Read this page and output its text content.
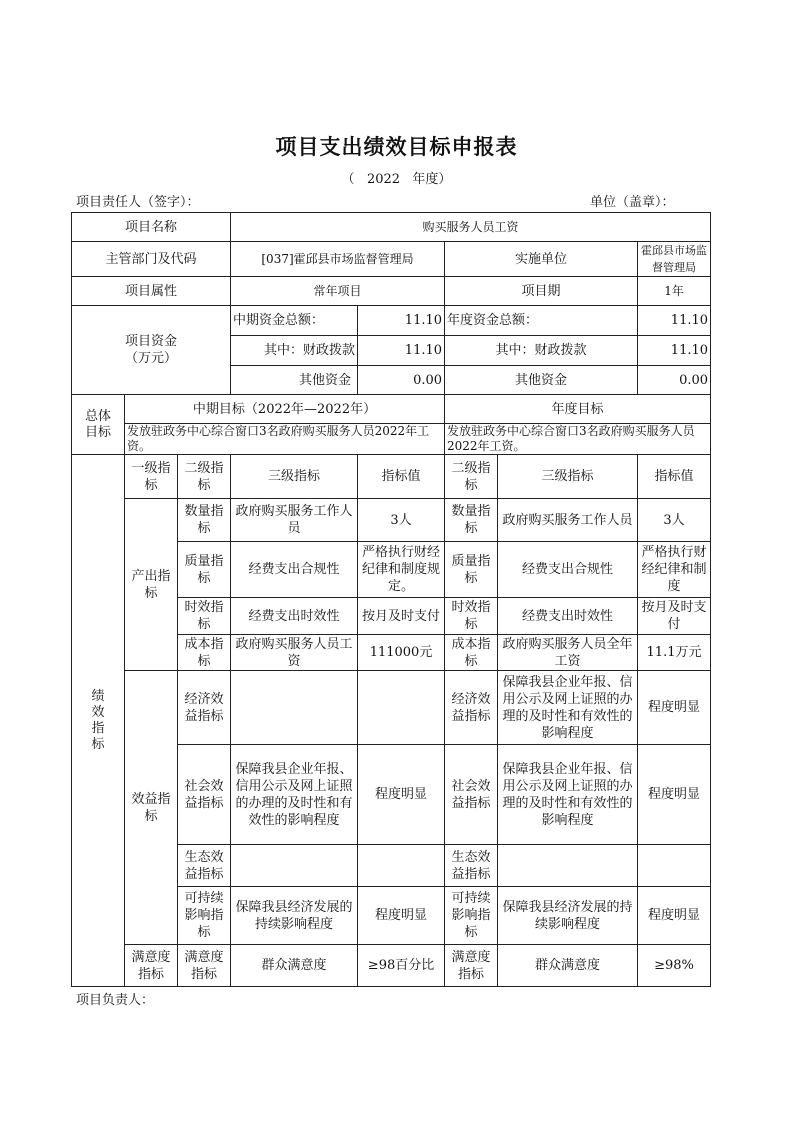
项目支出绩效目标申报表
（   2022   年度）
项目责任人（签字）：	单位（盖章）：
项目名称			购买服务人员工资				
主管部门及代码			[037]霍邱县市场监督管理局		实施单位		霍邱县市场监督管理局
项目属性			常年项目		项目期		1年

项目资金
（万元）			中期资金总额：	11.10	年度资金总额：		11.10
			其中：财政拨款	11.10	其中：财政拨款		11.10
			其他资金	0.00	其他资金		0.00
总体目标	中期目标（2022年—2022年）				年度目标		
	发放驻政务中心综合窗口3名政府购买服务人员2022年工资。				发放驻政务中心综合窗口3名政府购买服务人员2022年工资。		
绩效指标	一级指标	二级指标	三级指标	指标值	二级指标	三级指标	指标值
	产出指标	数量指标	政府购买服务工作人员	3人	数量指标	政府购买服务工作人员	3人
		质量指标	经费支出合规性	严格执行财经纪律和制度规定。	质量指标	经费支出合规性	严格执行财经纪律和制度
		时效指标	经费支出时效性	按月及时支付	时效指标	经费支出时效性	按月及时支付
		成本指标	政府购买服务人员工资	111000元	成本指标	政府购买服务人员全年工资	11.1万元
	效益指标	经济效益指标			经济效益指标	保障我县企业年报、信用公示及网上证照的办理的及时性和有效性的影响程度	程度明显
		社会效益指标	保障我县企业年报、信用公示及网上证照的办理的及时性和有效性的影响程度	程度明显	社会效益指标	保障我县企业年报、信用公示及网上证照的办理的及时性和有效性的影响程度	程度明显
		生态效益指标			生态效益指标		
		可持续影响指标	保障我县经济发展的持续影响程度	程度明显	可持续影响指标	保障我县经济发展的持续影响程度	程度明显
	满意度指标	满意度指标	群众满意度	≥98百分比	满意度指标	群众满意度	≥98%
项目负责人：
